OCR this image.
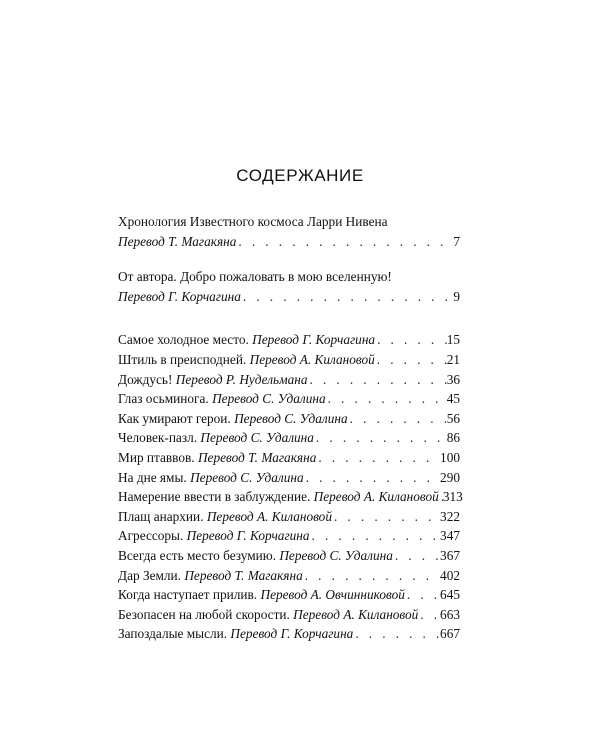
СОДЕРЖАНИЕ
Хронология Известного космоса Ларри Нивена
Перевод Т. Магакяна . . .	7
От автора. Добро пожаловать в мою вселенную!
Перевод Г. Корчагина . . .	9
Самое холодное место.
Перевод Г. Корчагина . . .	15
Штиль в преисподней.
Перевод А. Килановой . . .	21
Дождусь!
Перевод Р. Нудельмана . . .	36
Глаз осьминога.
Перевод С. Удалина . . .	45
Как умирают герои.
Перевод С. Удалина . . .	56
Человек-пазл.
Перевод С. Удалина . . .	86
Мир птаввов.
Перевод Т. Магакяна . . .	100
На дне ямы.
Перевод С. Удалина . . .	290
Намерение ввести в заблуждение.
Перевод А. Килановой . . . 313
Плащ анархии.
Перевод А. Килановой . . .	322
Агрессоры.
Перевод Г. Корчагина . . .	347
Всегда есть место безумию.
Перевод С. Удалина . . .	367
Дар Земли.
Перевод Т. Магакяна . . .	402
Когда наступает прилив.
Перевод А. Овчинниковой . . .	645
Безопасен на любой скорости.
Перевод А. Килановой . . . 663
Запоздалые мысли.
Перевод Г. Корчагина . . .	667
